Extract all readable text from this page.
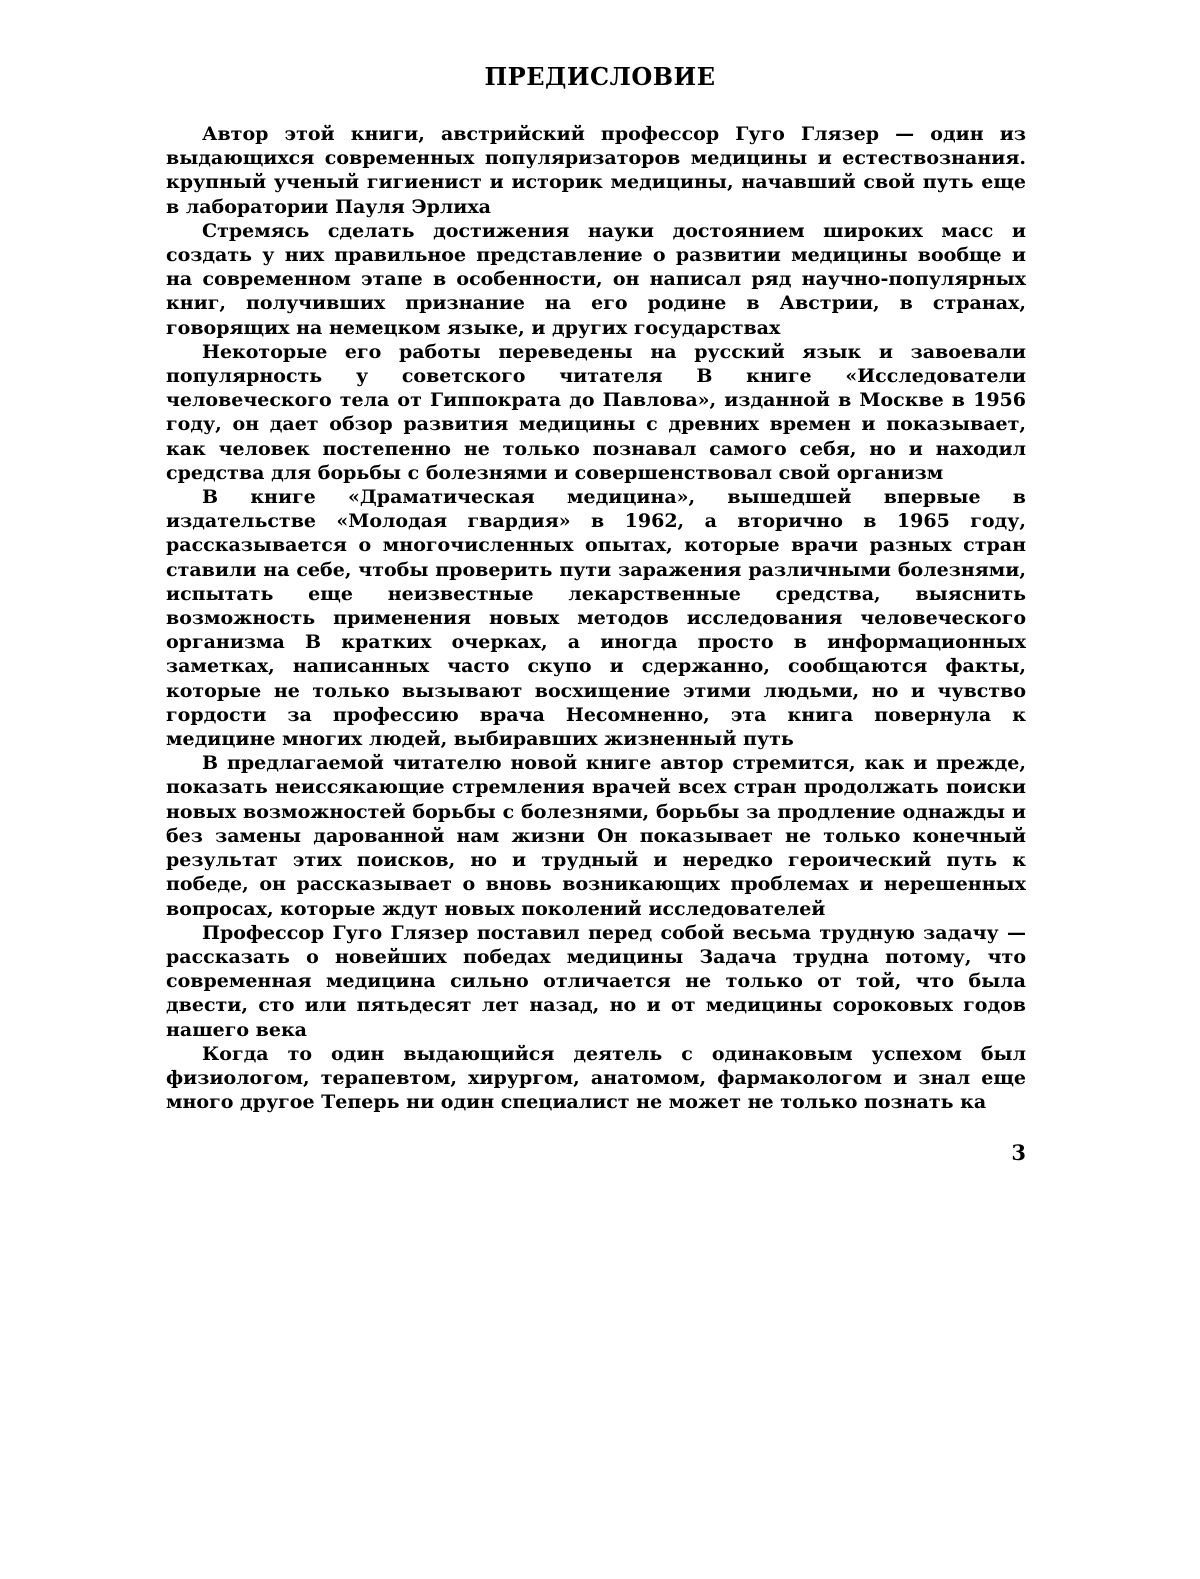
ПРЕДИСЛОВИЕ

Автор этой книги, австрийский профессор Гуго Глязер — один из выдающихся современных популяризаторов медицины и естествознания. крупный ученый гигиенист и историк медицины, начавший свой путь еще в лаборатории Пауля Эрлиха

Стремясь сделать достижения науки достоянием широких масс и создать у них правильное представление о развитии медицины вообще и на современном этапе в особенности, он написал ряд научно-популярных книг, получивших признание на его родине в Австрии, в странах, говорящих на немецком языке, и других государствах

Некоторые его работы переведены на русский язык и завоевали популярность у советского читателя В книге «Исследователи человеческого тела от Гиппократа до Павлова», изданной в Москве в 1956 году, он дает обзор развития медицины с древних времен и показывает, как человек постепенно не только познавал самого себя, но и находил средства для борьбы с болезнями и совершенствовал свой организм

В книге «Драматическая медицина», вышедшей впервые в издательстве «Молодая гвардия» в 1962, а вторично в 1965 году, рассказывается о многочисленных опытах, которые врачи разных стран ставили на себе, чтобы проверить пути заражения различными болезнями, испытать еще неизвестные лекарственные средства, выяснить возможность применения новых методов исследования человеческого организма В кратких очерках, а иногда просто в информационных заметках, написанных часто скупо и сдержанно, сообщаются факты, которые не только вызывают восхищение этими людьми, но и чувство гордости за профессию врача Несомненно, эта книга повернула к медицине многих людей, выбиравших жизненный путь

В предлагаемой читателю новой книге автор стремится, как и прежде, показать неиссякающие стремления врачей всех стран продолжать поиски новых возможностей борьбы с болезнями, борьбы за продление однажды и без замены дарованной нам жизни Он показывает не только конечный результат этих поисков, но и трудный и нередко героический путь к победе, он рассказывает о вновь возникающих проблемах и нерешенных вопросах, которые ждут новых поколений исследователей

Профессор Гуго Глязер поставил перед собой весьма трудную задачу — рассказать о новейших победах медицины Задача трудна потому, что современная медицина сильно отличается не только от той, что была двести, сто или пятьдесят лет назад, но и от медицины сороковых годов нашего века

Когда то один выдающийся деятель с одинаковым успехом был физиологом, терапевтом, хирургом, анатомом, фармакологом и знал еще много другое Теперь ни один специалист не может не только познать ка

3
